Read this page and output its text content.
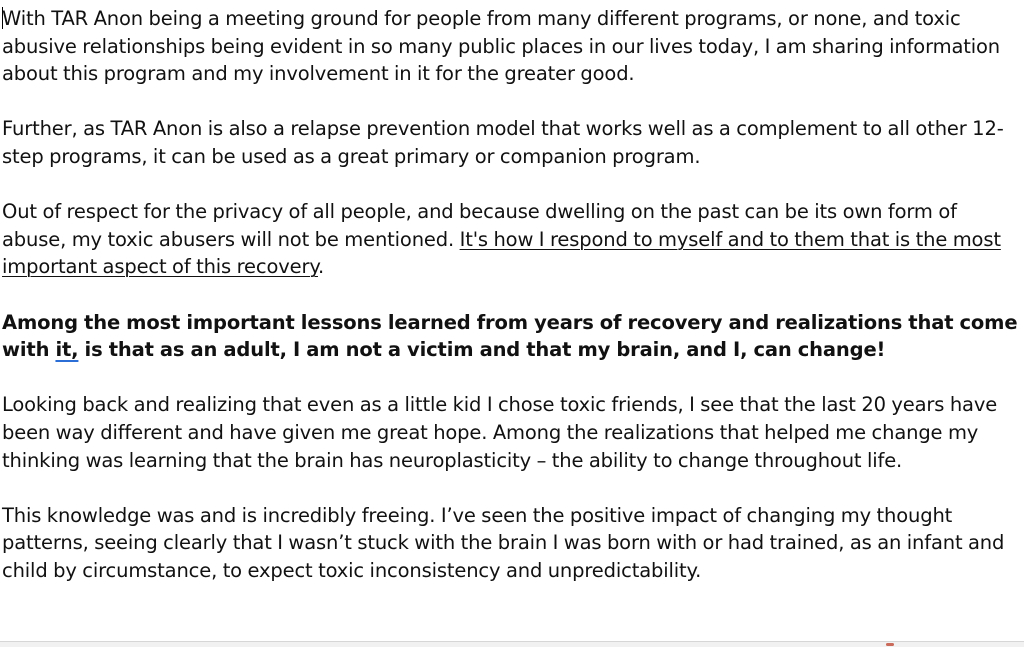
With TAR Anon being a meeting ground for people from many different programs, or none, and toxic abusive relationships being evident in so many public places in our lives today, I am sharing information about this program and my involvement in it for the greater good.

Further, as TAR Anon is also a relapse prevention model that works well as a complement to all other 12-step programs, it can be used as a great primary or companion program.

Out of respect for the privacy of all people, and because dwelling on the past can be its own form of abuse, my toxic abusers will not be mentioned. It's how I respond to myself and to them that is the most important aspect of this recovery.

Among the most important lessons learned from years of recovery and realizations that come with it, is that as an adult, I am not a victim and that my brain, and I, can change!

Looking back and realizing that even as a little kid I chose toxic friends, I see that the last 20 years have been way different and have given me great hope. Among the realizations that helped me change my thinking was learning that the brain has neuroplasticity – the ability to change throughout life.

This knowledge was and is incredibly freeing. I’ve seen the positive impact of changing my thought patterns, seeing clearly that I wasn’t stuck with the brain I was born with or had trained, as an infant and child by circumstance, to expect toxic inconsistency and unpredictability.
